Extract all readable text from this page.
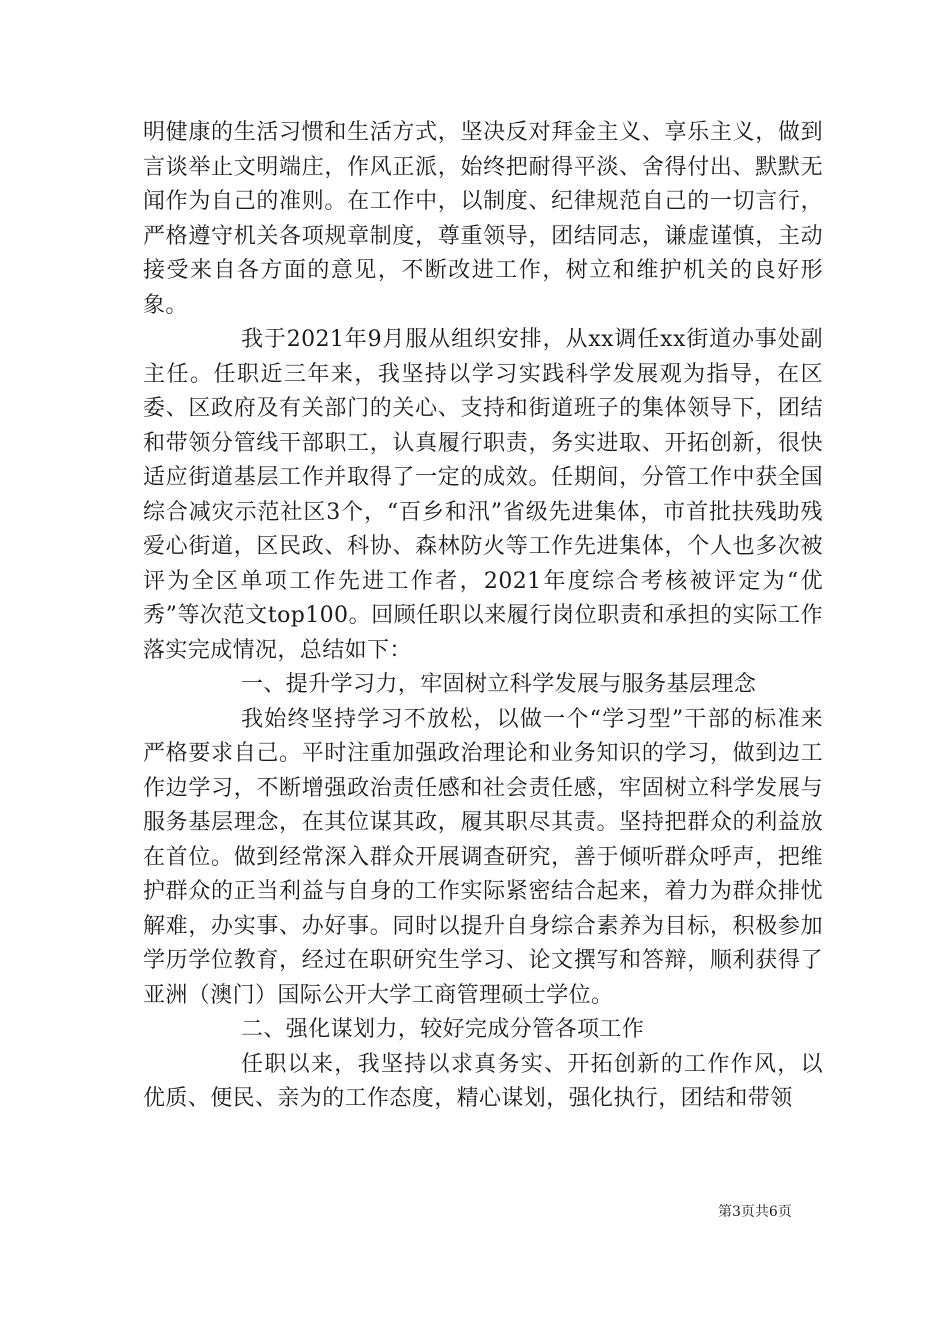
明健康的生活习惯和生活方式，坚决反对拜金主义、享乐主义，做到言谈举止文明端庄，作风正派，始终把耐得平淡、舍得付出、默默无闻作为自己的准则。在工作中，以制度、纪律规范自己的一切言行，严格遵守机关各项规章制度，尊重领导，团结同志，谦虚谨慎，主动接受来自各方面的意见，不断改进工作，树立和维护机关的良好形象。

我于2021年9月服从组织安排，从xx调任xx街道办事处副主任。任职近三年来，我坚持以学习实践科学发展观为指导，在区委、区政府及有关部门的关心、支持和街道班子的集体领导下，团结和带领分管线干部职工，认真履行职责，务实进取、开拓创新，很快适应街道基层工作并取得了一定的成效。任期间，分管工作中获全国综合减灾示范社区3个，“百乡和汛”省级先进集体，市首批扶残助残爱心街道，区民政、科协、森林防火等工作先进集体，个人也多次被评为全区单项工作先进工作者，2021年度综合考核被评定为“优秀”等次范文top100。回顾任职以来履行岗位职责和承担的实际工作落实完成情况，总结如下：

一、提升学习力，牢固树立科学发展与服务基层理念

我始终坚持学习不放松，以做一个“学习型”干部的标准来严格要求自己。平时注重加强政治理论和业务知识的学习，做到边工作边学习，不断增强政治责任感和社会责任感，牢固树立科学发展与服务基层理念，在其位谋其政，履其职尽其责。坚持把群众的利益放在首位。做到经常深入群众开展调查研究，善于倾听群众呼声，把维护群众的正当利益与自身的工作实际紧密结合起来，着力为群众排忧解难，办实事、办好事。同时以提升自身综合素养为目标，积极参加学历学位教育，经过在职研究生学习、论文撰写和答辩，顺利获得了亚洲（澳门）国际公开大学工商管理硕士学位。

二、强化谋划力，较好完成分管各项工作

任职以来，我坚持以求真务实、开拓创新的工作作风，以优质、便民、亲为的工作态度，精心谋划，强化执行，团结和带领

第3页共6页
